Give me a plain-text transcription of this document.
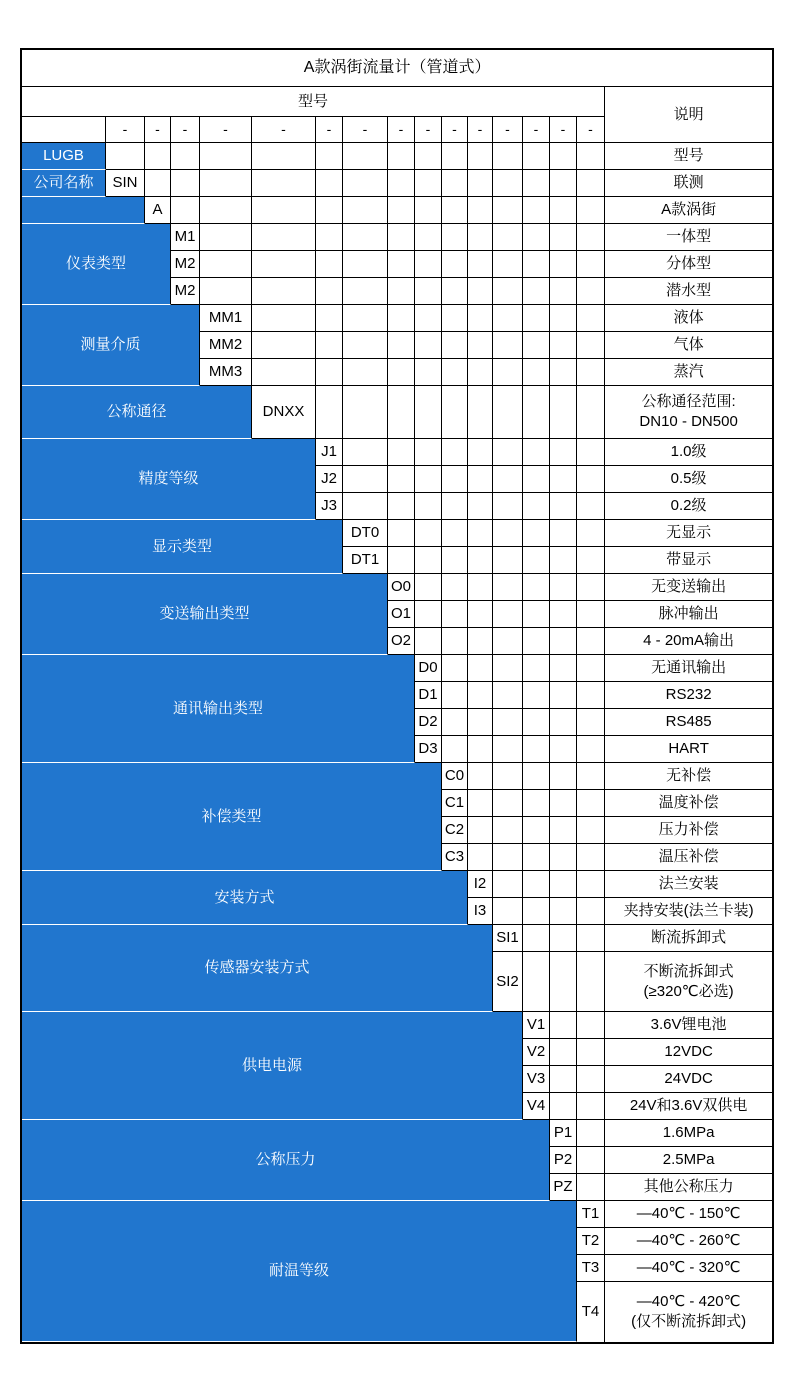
A款涡街流量计（管道式）																
型号																说明
	-	-	-	-	-	-	-	-	-	-	-	-	-	-	-	
LUGB																型号

公司名称	SIN															联测

		A														A款涡街

仪表类型			M1													一体型

			M2													分体型

			M2													潜水型

测量介质				MM1												液体

				MM2												气体

				MM3												蒸汽

公称通径					DNXX											公称通径范围:
DN10 - DN500

精度等级						J1										1.0级

						J2										0.5级

						J3										0.2级

显示类型							DT0									无显示

							DT1									带显示

变送输出类型								O0								无变送输出

								O1								脉冲输出

								O2								4 - 20mA输出

通讯输出类型									D0							无通讯输出

									D1							RS232

									D2							RS485

									D3							HART

补偿类型										C0						无补偿

										C1						温度补偿

										C2						压力补偿

										C3						温压补偿

安装方式											I2					法兰安装

											I3					夹持安装(法兰卡装)

传感器安装方式												SI1				断流拆卸式

												SI2				不断流拆卸式
(≥320℃必选)

供电电源													V1			3.6V锂电池

													V2			12VDC

													V3			24VDC

													V4			24V和3.6V双供电

公称压力														P1		1.6MPa

														P2		2.5MPa

														PZ		其他公称压力

耐温等级															T1	—40℃ - 150℃

															T2	—40℃ - 260℃

															T3	—40℃ - 320℃

															T4	—40℃ - 420℃
(仅不断流拆卸式)
